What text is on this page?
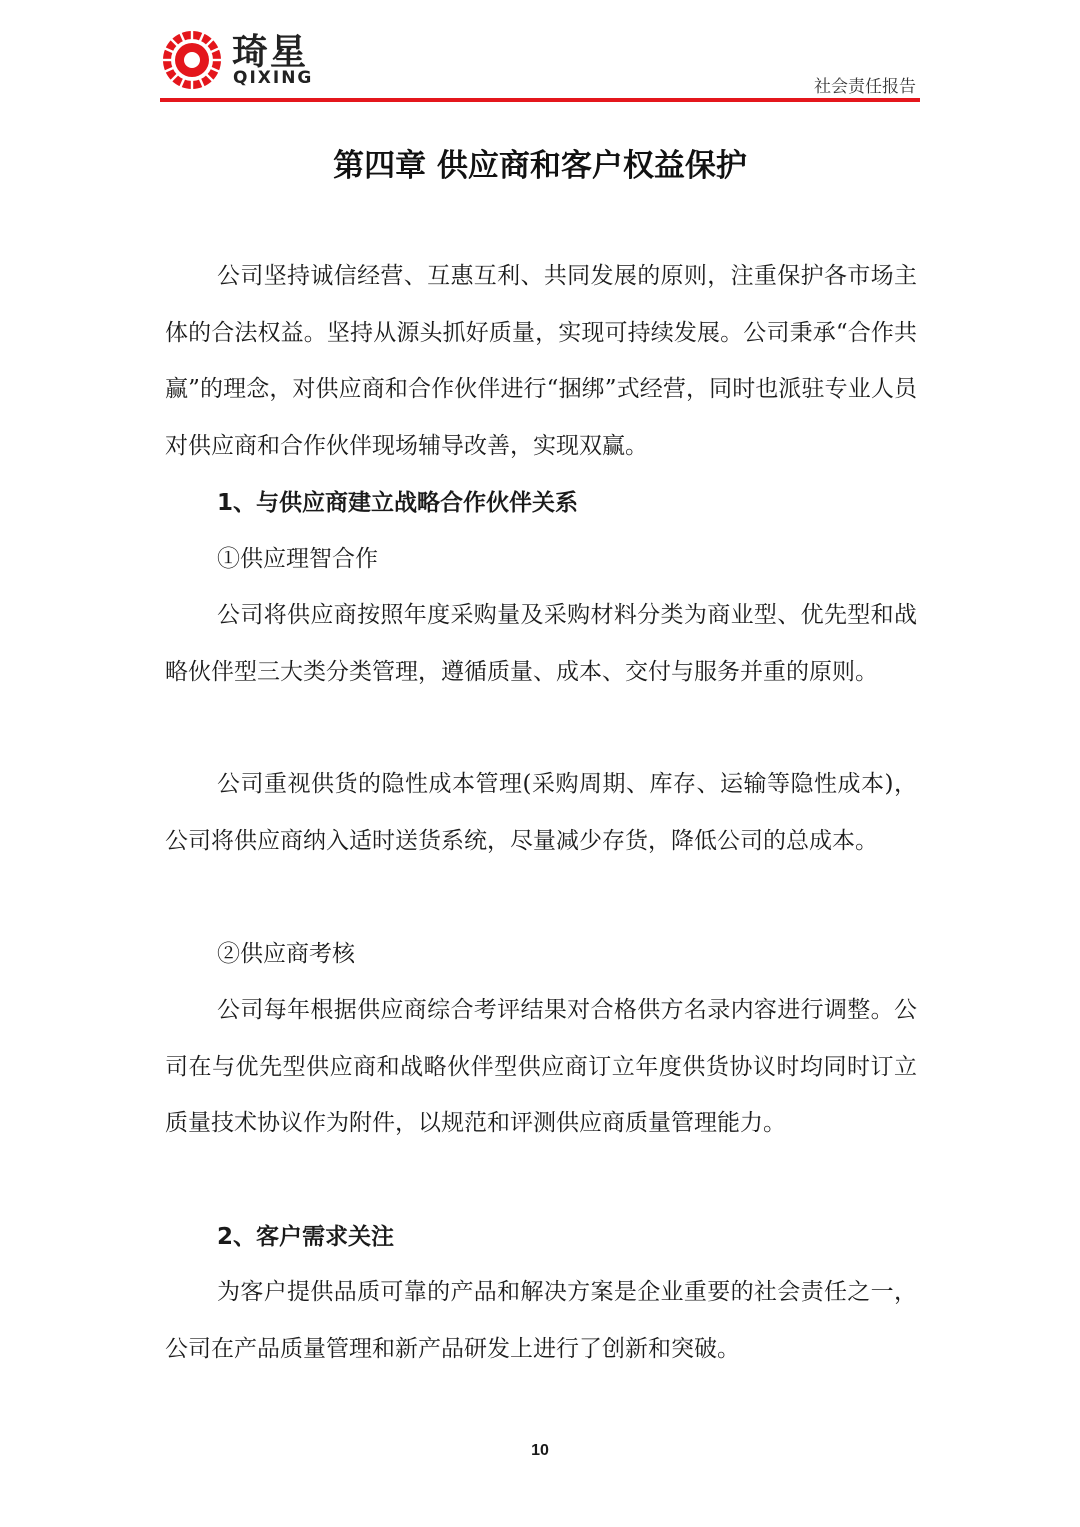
琦星
QIXING	社会责任报告
第四章 供应商和客户权益保护

公司坚持诚信经营、互惠互利、共同发展的原则，注重保护各市场主体的合法权益。坚持从源头抓好质量，实现可持续发展。公司秉承“合作共赢”的理念，对供应商和合作伙伴进行“捆绑”式经营，同时也派驻专业人员对供应商和合作伙伴现场辅导改善，实现双赢。

1、与供应商建立战略合作伙伴关系

①供应理智合作

公司将供应商按照年度采购量及采购材料分类为商业型、优先型和战略伙伴型三大类分类管理，遵循质量、成本、交付与服务并重的原则。

公司重视供货的隐性成本管理(采购周期、库存、运输等隐性成本)，公司将供应商纳入适时送货系统，尽量减少存货，降低公司的总成本。

②供应商考核

公司每年根据供应商综合考评结果对合格供方名录内容进行调整。公司在与优先型供应商和战略伙伴型供应商订立年度供货协议时均同时订立质量技术协议作为附件，以规范和评测供应商质量管理能力。

2、客户需求关注

为客户提供品质可靠的产品和解决方案是企业重要的社会责任之一，公司在产品质量管理和新产品研发上进行了创新和突破。

10
